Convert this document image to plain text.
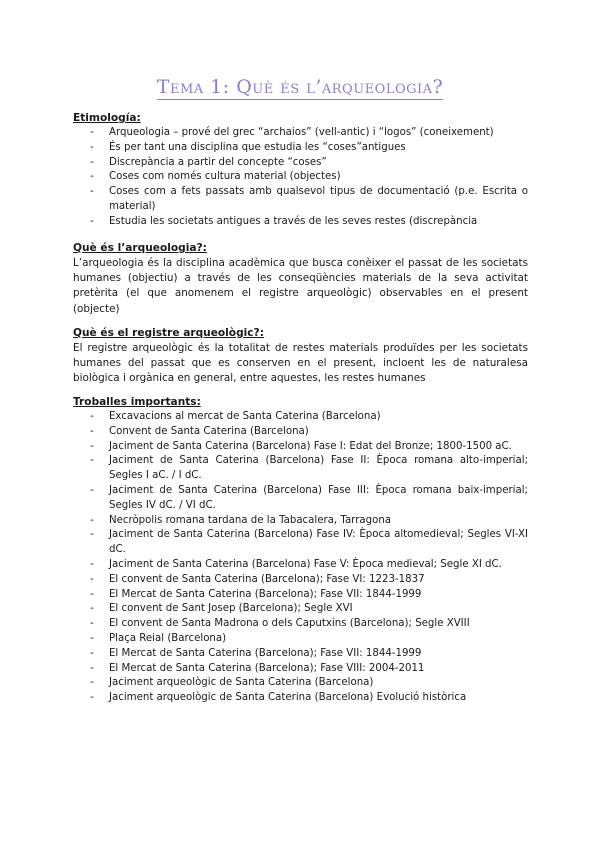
Tema 1: Què és l’arqueologia?
Etimología:
- Arqueologia – prové del grec “archaios” (vell-antic) i “logos” (coneixement)
- És per tant una disciplina que estudia les “coses”antigues
- Discrepància a partir del concepte “coses”
- Coses com només cultura material (objectes)
- Coses com a fets passats amb qualsevol tipus de documentació (p.e. Escrita o material)
- Estudia les societats antigues a través de les seves restes (discrepància
Què és l’arqueologia?:

L’arqueologia és la disciplina acadèmica que busca conèixer el passat de les societats humanes (objectiu) a través de les conseqüències materials de la seva activitat pretèrita (el que anomenem el registre arqueològic) observables en el present (objecte)

Què és el registre arqueològic?:

El registre arqueològic és la totalitat de restes materials produïdes per les societats humanes del passat que es conserven en el present, incloent les de naturalesa biològica i orgànica en general, entre aquestes, les restes humanes

Troballes importants:
- Excavacions al mercat de Santa Caterina (Barcelona)
- Convent de Santa Caterina (Barcelona)
- Jaciment de Santa Caterina (Barcelona) Fase I: Edat del Bronze; 1800-1500 aC.
- Jaciment de Santa Caterina (Barcelona) Fase II: Època romana alto-imperial; Segles I aC. / I dC.
- Jaciment de Santa Caterina (Barcelona) Fase III: Època romana baix-imperial; Segles IV dC. / VI dC.
- Necròpolis romana tardana de la Tabacalera, Tarragona
- Jaciment de Santa Caterina (Barcelona) Fase IV: Època altomedieval; Segles VI-XI dC.
- Jaciment de Santa Caterina (Barcelona) Fase V: Època medieval; Segle XI dC.
- El convent de Santa Caterina (Barcelona); Fase VI: 1223-1837
- El Mercat de Santa Caterina (Barcelona); Fase VII: 1844-1999
- El convent de Sant Josep (Barcelona); Segle XVI
- El convent de Santa Madrona o dels Caputxins (Barcelona); Segle XVIII
- Plaça Reial (Barcelona)
- El Mercat de Santa Caterina (Barcelona); Fase VII: 1844-1999
- El Mercat de Santa Caterina (Barcelona); Fase VIII: 2004-2011
- Jaciment arqueològic de Santa Caterina (Barcelona)
- Jaciment arqueològic de Santa Caterina (Barcelona) Evolució històrica
